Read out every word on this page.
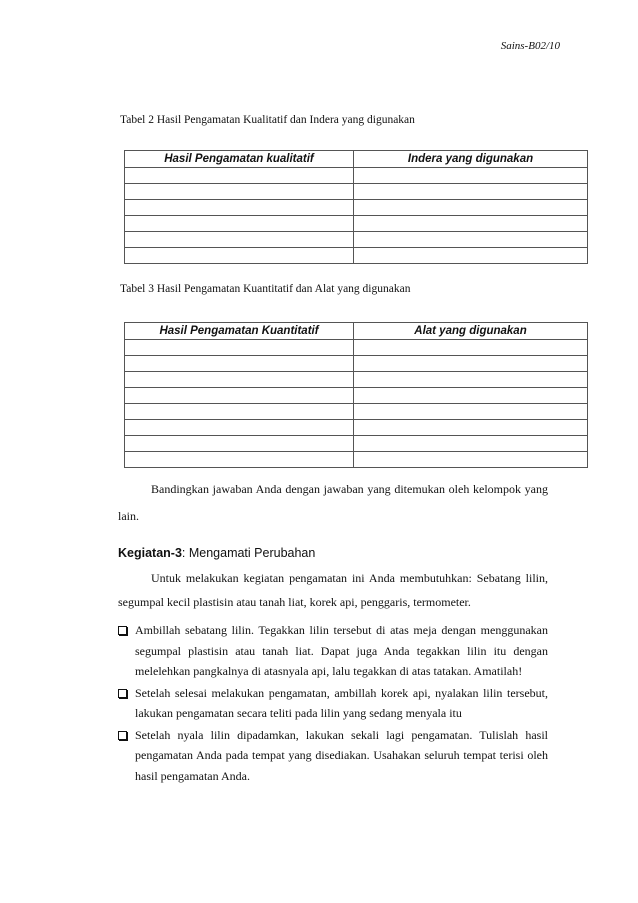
Sains-B02/10
Tabel 2 Hasil Pengamatan Kualitatif dan Indera yang digunakan
Hasil Pengamatan kualitatif	Indera yang digunakan

Tabel 3 Hasil Pengamatan Kuantitatif dan Alat yang digunakan
Hasil Pengamatan Kuantitatif	Alat yang digunakan

Bandingkan jawaban Anda dengan jawaban yang ditemukan oleh kelompok yang lain.

Kegiatan-3: Mengamati Perubahan

Untuk melakukan kegiatan pengamatan ini Anda membutuhkan: Sebatang lilin, segumpal kecil plastisin atau tanah liat, korek api, penggaris, termometer.

Ambillah sebatang lilin. Tegakkan lilin tersebut di atas meja dengan menggunakan segumpal plastisin atau tanah liat. Dapat juga Anda tegakkan lilin itu dengan melelehkan pangkalnya di atasnyala api, lalu tegakkan di atas tatakan. Amatilah!
Setelah selesai melakukan pengamatan, ambillah korek api, nyalakan lilin tersebut, lakukan pengamatan secara teliti pada lilin yang sedang menyala itu
Setelah nyala lilin dipadamkan, lakukan sekali lagi pengamatan. Tulislah hasil pengamatan Anda pada tempat yang disediakan. Usahakan seluruh tempat terisi oleh hasil pengamatan Anda.
